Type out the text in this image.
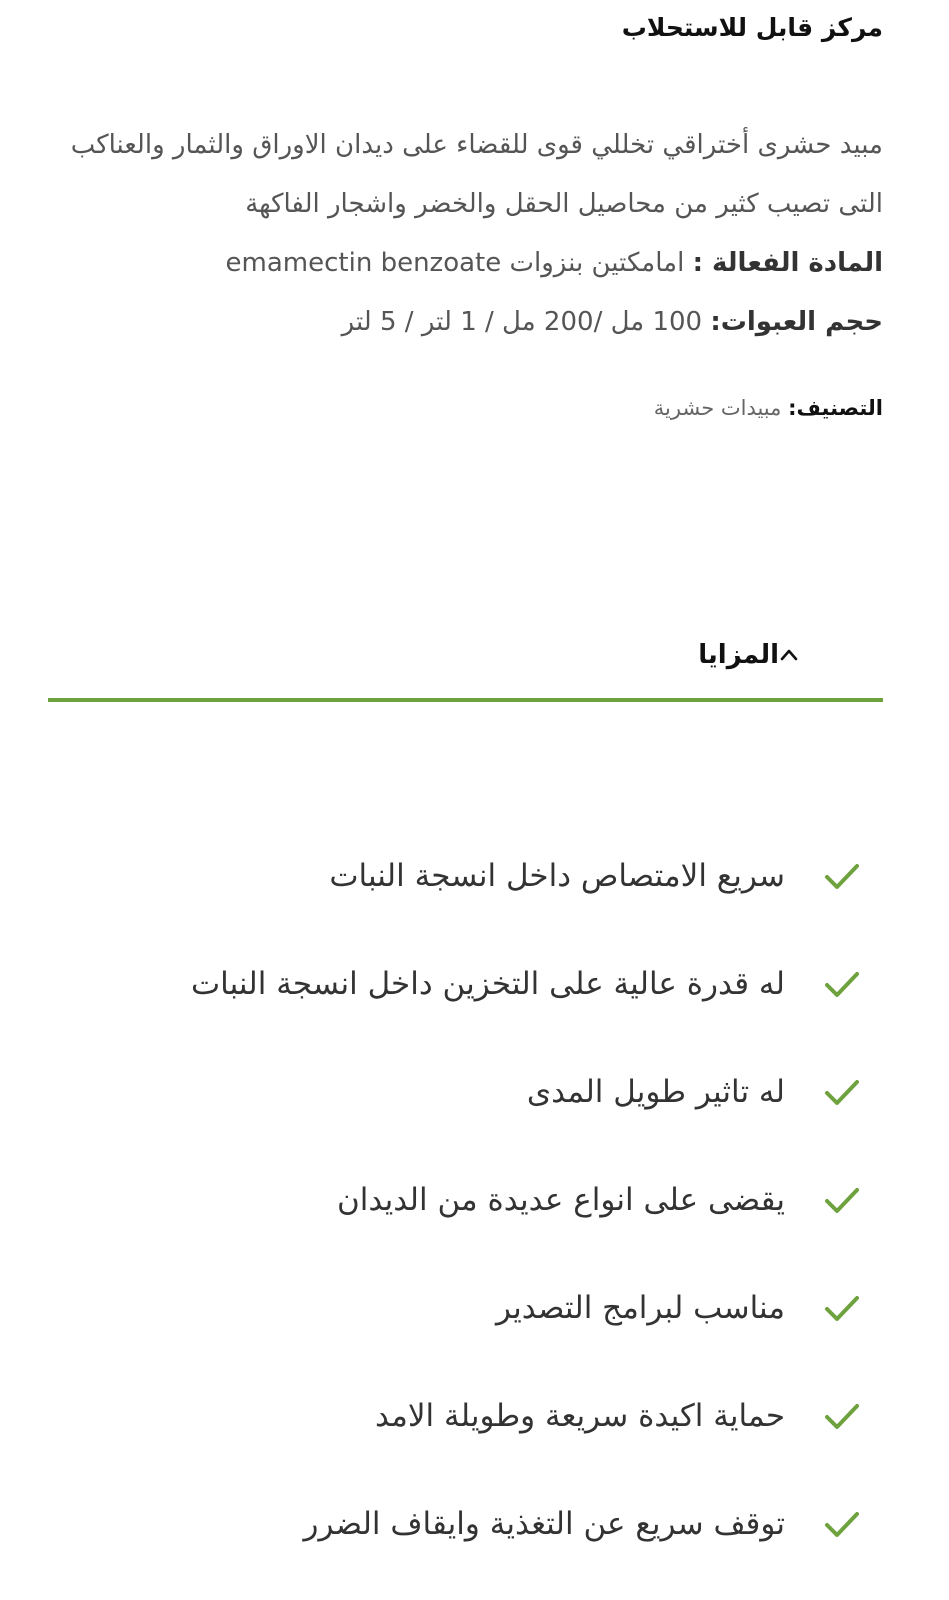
مركز قابل للاستحلاب

مبيد حشرى أختراقي تخللي قوى للقضاء على ديدان الاوراق والثمار والعناكب التى تصيب كثير من محاصيل الحقل والخضر واشجار الفاكهة

المادة الفعالة : امامكتين بنزوات emamectin benzoate

حجم العبوات: 100 مل /200 مل / 1 لتر / 5 لتر

التصنيف: مبيدات حشرية
المزايا
سريع الامتصاص داخل انسجة النبات
له قدرة عالية على التخزين داخل انسجة النبات
له تاثير طويل المدى
يقضى على انواع عديدة من الديدان
مناسب لبرامج التصدير
حماية اكيدة سريعة وطويلة الامد
توقف سريع عن التغذية وايقاف الضرر
